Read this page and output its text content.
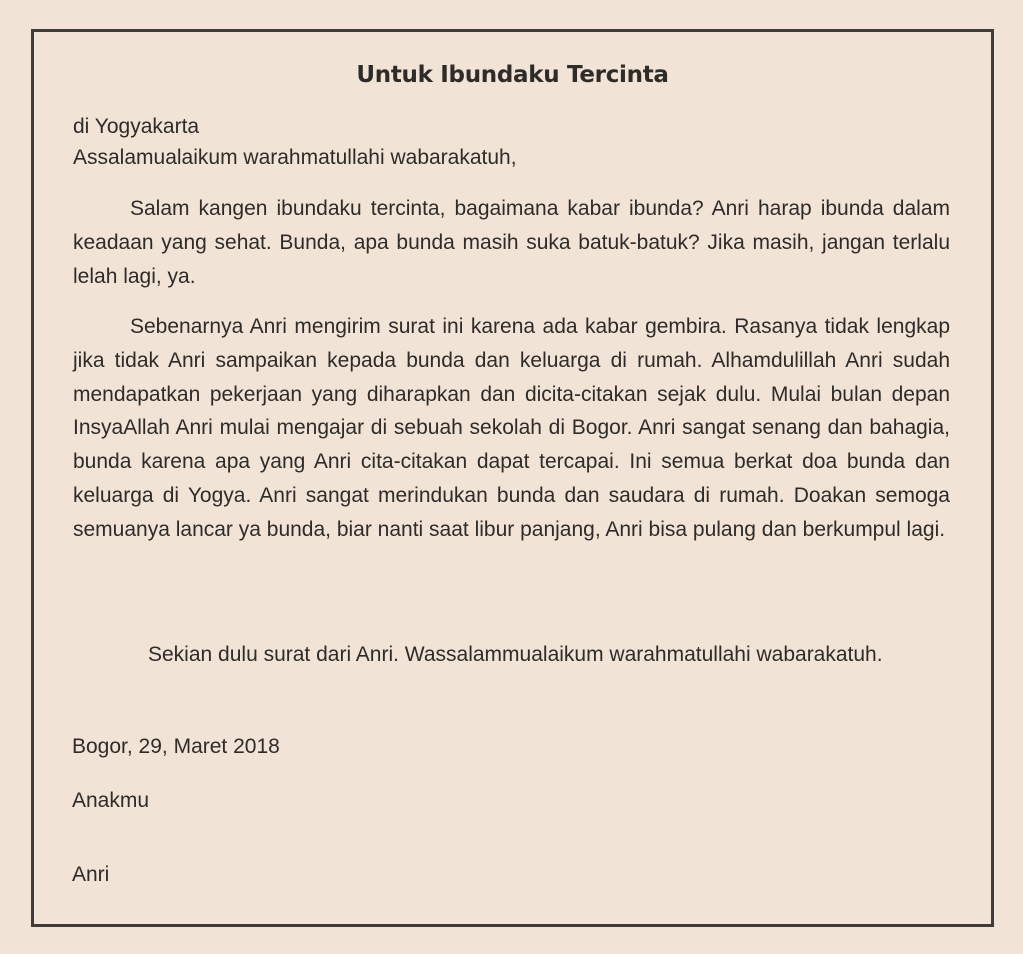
Untuk Ibundaku Tercinta
di Yogyakarta
Assalamualaikum warahmatullahi wabarakatuh,
Salam kangen ibundaku tercinta, bagaimana kabar ibunda? Anri harap ibunda dalam keadaan yang sehat. Bunda, apa bunda masih suka batuk-batuk? Jika masih, jangan terlalu lelah lagi, ya.
Sebenarnya Anri mengirim surat ini karena ada kabar gembira. Rasanya tidak lengkap jika tidak Anri sampaikan kepada bunda dan keluarga di rumah. Alhamdulillah Anri sudah mendapatkan pekerjaan yang diharapkan dan dicita-citakan sejak dulu. Mulai bulan depan InsyaAllah Anri mulai mengajar di sebuah sekolah di Bogor. Anri sangat senang dan bahagia, bunda karena apa yang Anri cita-citakan dapat tercapai. Ini semua berkat doa bunda dan keluarga di Yogya. Anri sangat merindukan bunda dan saudara di rumah. Doakan semoga semuanya lancar ya bunda, biar nanti saat libur panjang, Anri bisa pulang dan berkumpul lagi.
Sekian dulu surat dari Anri. Wassalammualaikum warahmatullahi wabarakatuh.
Bogor, 29, Maret 2018
Anakmu
Anri
